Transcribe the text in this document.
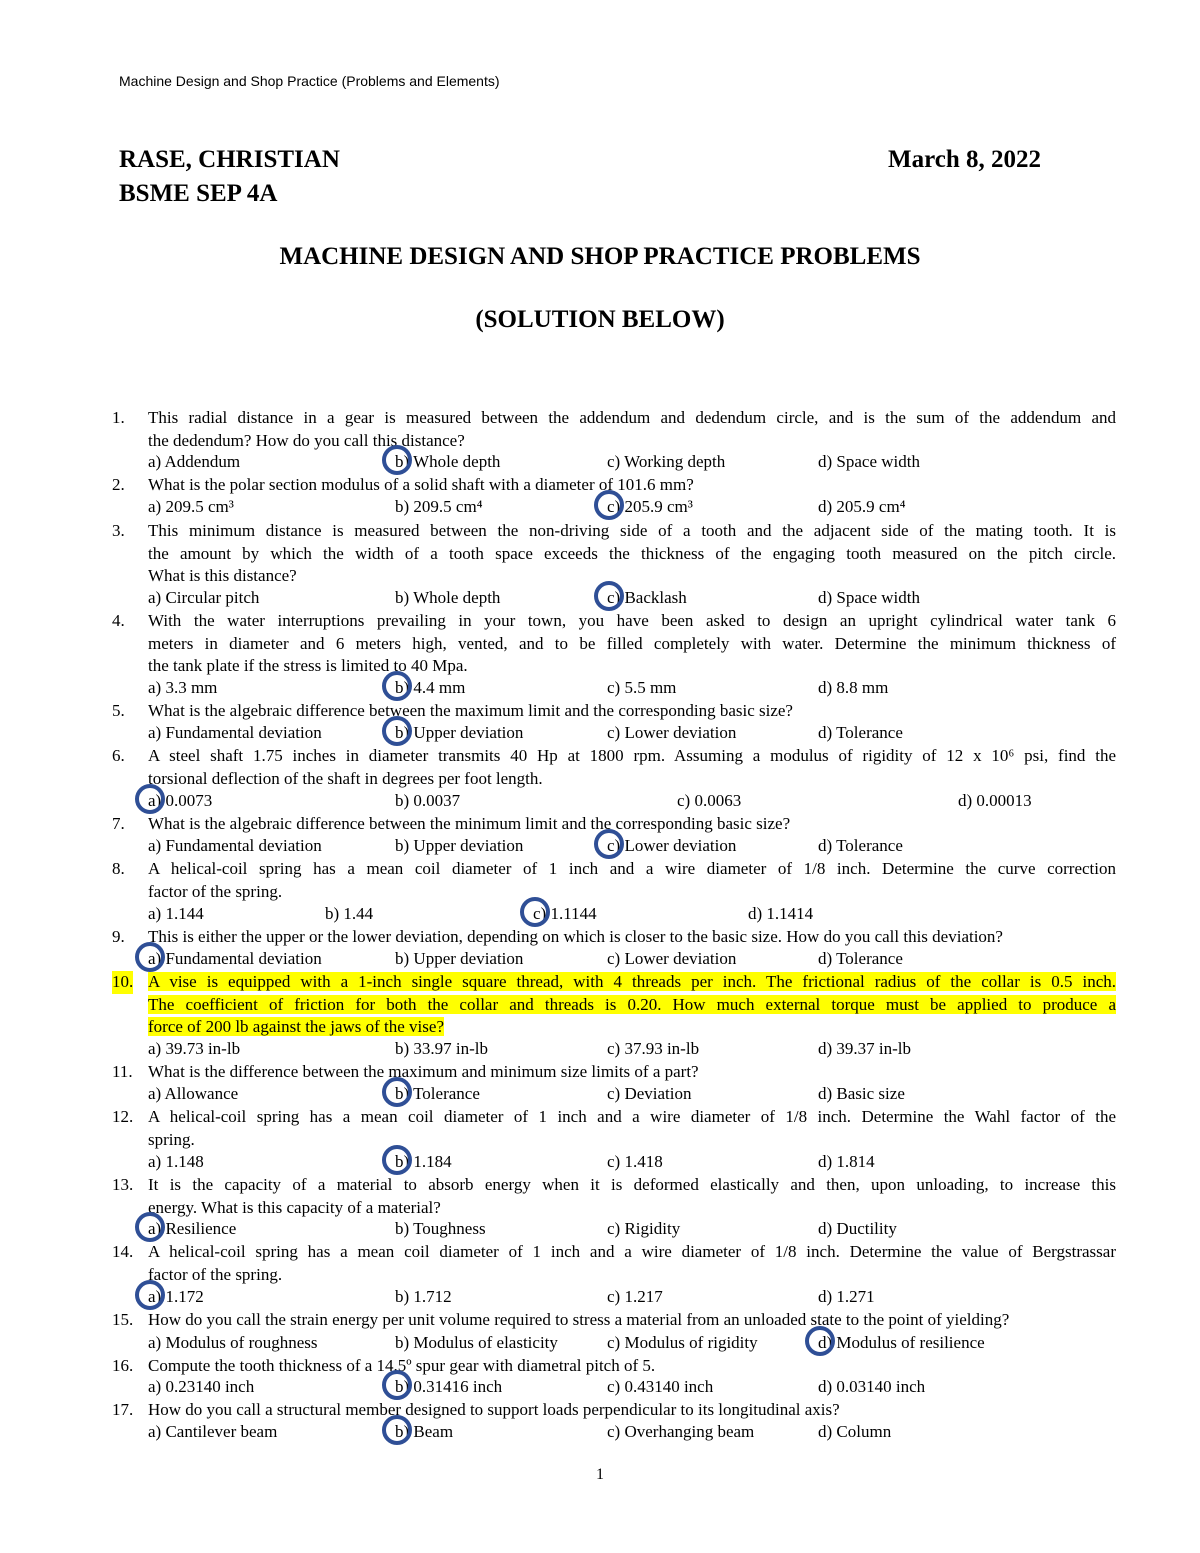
Machine Design and Shop Practice (Problems and Elements)
RASE, CHRISTIAN
BSME SEP 4A
March 8, 2022
MACHINE DESIGN AND SHOP PRACTICE PROBLEMS
(SOLUTION BELOW)
1. This radial distance in a gear is measured between the addendum and dedendum circle, and is the sum of the addendum and
the dedendum? How do you call this distance?
a) Addendum	b) Whole depth	c) Working depth	d) Space width
2. What is the polar section modulus of a solid shaft with a diameter of 101.6 mm?
a) 209.5 cm³	b) 209.5 cm⁴	c) 205.9 cm³	d) 205.9 cm⁴
3. This minimum distance is measured between the non-driving side of a tooth and the adjacent side of the mating tooth. It is
the amount by which the width of a tooth space exceeds the thickness of the engaging tooth measured on the pitch circle.
What is this distance?
a) Circular pitch	b) Whole depth	c) Backlash	d) Space width
4. With the water interruptions prevailing in your town, you have been asked to design an upright cylindrical water tank 6
meters in diameter and 6 meters high, vented, and to be filled completely with water. Determine the minimum thickness of
the tank plate if the stress is limited to 40 Mpa.
a) 3.3 mm	b) 4.4 mm	c) 5.5 mm	d) 8.8 mm
5. What is the algebraic difference between the maximum limit and the corresponding basic size?
a) Fundamental deviation	b) Upper deviation	c) Lower deviation	d) Tolerance
6. A steel shaft 1.75 inches in diameter transmits 40 Hp at 1800 rpm. Assuming a modulus of rigidity of 12 x 10⁶ psi, find the
torsional deflection of the shaft in degrees per foot length.
a) 0.0073	b) 0.0037	c) 0.0063	d) 0.00013
7. What is the algebraic difference between the minimum limit and the corresponding basic size?
a) Fundamental deviation	b) Upper deviation	c) Lower deviation	d) Tolerance
8. A helical-coil spring has a mean coil diameter of 1 inch and a wire diameter of 1/8 inch. Determine the curve correction
factor of the spring.
a) 1.144	b) 1.44	c) 1.1144	d) 1.1414
9. This is either the upper or the lower deviation, depending on which is closer to the basic size. How do you call this deviation?
a) Fundamental deviation	b) Upper deviation	c) Lower deviation	d) Tolerance
10. A vise is equipped with a 1-inch single square thread, with 4 threads per inch. The frictional radius of the collar is 0.5 inch.
The coefficient of friction for both the collar and threads is 0.20. How much external torque must be applied to produce a
force of 200 lb against the jaws of the vise?
a) 39.73 in-lb	b) 33.97 in-lb	c) 37.93 in-lb	d) 39.37 in-lb
11. What is the difference between the maximum and minimum size limits of a part?
a) Allowance	b) Tolerance	c) Deviation	d) Basic size
12. A helical-coil spring has a mean coil diameter of 1 inch and a wire diameter of 1/8 inch. Determine the Wahl factor of the
spring.
a) 1.148	b) 1.184	c) 1.418	d) 1.814
13. It is the capacity of a material to absorb energy when it is deformed elastically and then, upon unloading, to increase this
energy. What is this capacity of a material?
a) Resilience	b) Toughness	c) Rigidity	d) Ductility
14. A helical-coil spring has a mean coil diameter of 1 inch and a wire diameter of 1/8 inch. Determine the value of Bergstrassar
factor of the spring.
a) 1.172	b) 1.712	c) 1.217	d) 1.271
15. How do you call the strain energy per unit volume required to stress a material from an unloaded state to the point of yielding?
a) Modulus of roughness	b) Modulus of elasticity	c) Modulus of rigidity	d) Modulus of resilience
16. Compute the tooth thickness of a 14.5º spur gear with diametral pitch of 5.
a) 0.23140 inch	b) 0.31416 inch	c) 0.43140 inch	d) 0.03140 inch
17. How do you call a structural member designed to support loads perpendicular to its longitudinal axis?
a) Cantilever beam	b) Beam	c) Overhanging beam	d) Column
1
